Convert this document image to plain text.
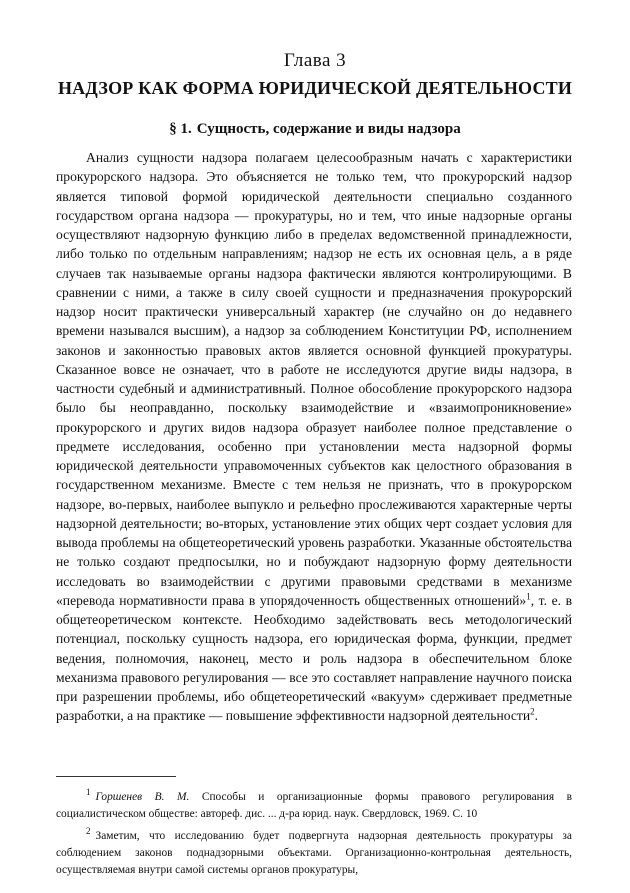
Глава 3
НАДЗОР КАК ФОРМА ЮРИДИЧЕСКОЙ ДЕЯТЕЛЬНОСТИ
§ 1. Сущность, содержание и виды надзора

Анализ сущности надзора полагаем целесообразным начать с характеристики прокурорского надзора. Это объясняется не только тем, что прокурорский надзор является типовой формой юридической деятельности специально созданного государством органа надзора — прокуратуры, но и тем, что иные надзорные органы осуществляют надзорную функцию либо в пределах ведомственной принадлежности, либо только по отдельным направлениям; надзор не есть их основная цель, а в ряде случаев так называемые органы надзора фактически являются контролирующими. В сравнении с ними, а также в силу своей сущности и предназначения прокурорский надзор носит практически универсальный характер (не случайно он до недавнего времени назывался высшим), а надзор за соблюдением Конституции РФ, исполнением законов и законностью правовых актов является основной функцией прокуратуры. Сказанное вовсе не означает, что в работе не исследуются другие виды надзора, в частности судебный и административный. Полное обособление прокурорского надзора было бы неоправданно, поскольку взаимодействие и «взаимопроникновение» прокурорского и других видов надзора образует наиболее полное представление о предмете исследования, особенно при установлении места надзорной формы юридической деятельности управомоченных субъектов как целостного образования в государственном механизме. Вместе с тем нельзя не признать, что в прокурорском надзоре, во-первых, наиболее выпукло и рельефно прослеживаются характерные черты надзорной деятельности; во-вторых, установление этих общих черт создает условия для вывода проблемы на общетеоретический уровень разработки. Указанные обстоятельства не только создают предпосылки, но и побуждают надзорную форму деятельности исследовать во взаимодействии с другими правовыми средствами в механизме «перевода нормативности права в упорядоченность общественных отношений»$^1$, т. е. в общетеоретическом контексте. Необходимо задействовать весь методологический потенциал, поскольку сущность надзора, его юридическая форма, функции, предмет ведения, полномочия, наконец, место и роль надзора в обеспечительном блоке механизма правового регулирования — все это составляет направление научного поиска при разрешении проблемы, ибо общетеоретический «вакуум» сдерживает предметные разработки, а на практике — повышение эффективности надзорной деятельности$^2$.

$^1$ Горшенев В. М. Способы и организационные формы правового регулирования в социалистическом обществе: автореф. дис. ... д-ра юрид. наук. Свердловск, 1969. С. 10

$^2$ Заметим, что исследованию будет подвергнута надзорная деятельность прокуратуры за соблюдением законов поднадзорными объектами. Организационно-контрольная деятельность, осуществляемая внутри самой системы органов прокуратуры,
